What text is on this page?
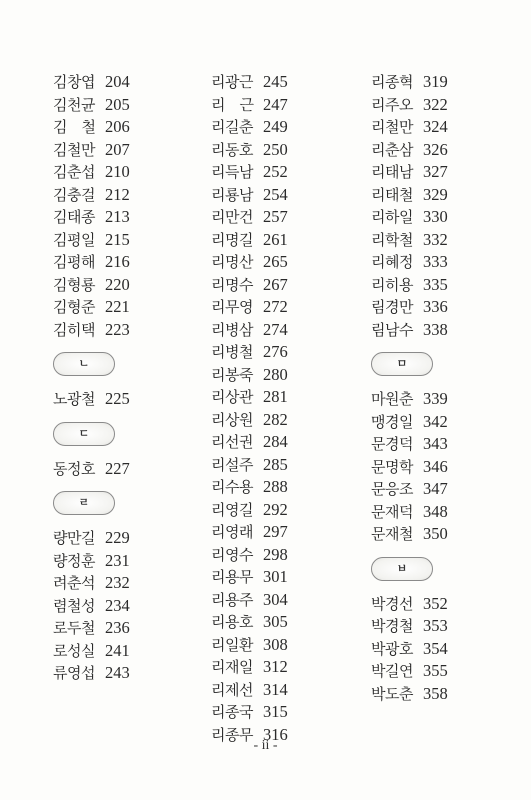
김창엽 204
김천균 205
김　철 206
김철만 207
김춘섭 210
김충걸 212
김태종 213
김평일 215
김평해 216
김형룡 220
김형준 221
김히택 223
ㄴ
노광철 225
ㄷ
동정호 227
ㄹ
량만길 229
량정훈 231
려춘석 232
렴철성 234
로두철 236
로성실 241
류영섭 243
리광근 245
리　근 247
리길춘 249
리동호 250
리득남 252
리룡남 254
리만건 257
리명길 261
리명산 265
리명수 267
리무영 272
리병삼 274
리병철 276
리봉죽 280
리상관 281
리상원 282
리선권 284
리설주 285
리수용 288
리영길 292
리영래 297
리영수 298
리용무 301
리용주 304
리용호 305
리일환 308
리재일 312
리제선 314
리종국 315
리종무 316
리종혁 319
리주오 322
리철만 324
리춘삼 326
리태남 327
리태철 329
리하일 330
리학철 332
리혜정 333
리히용 335
림경만 336
림남수 338
ㅁ
마원춘 339
맹경일 342
문경덕 343
문명학 346
문응조 347
문재덕 348
문재철 350
ㅂ
박경선 352
박경철 353
박광호 354
박길연 355
박도춘 358
- ii -
